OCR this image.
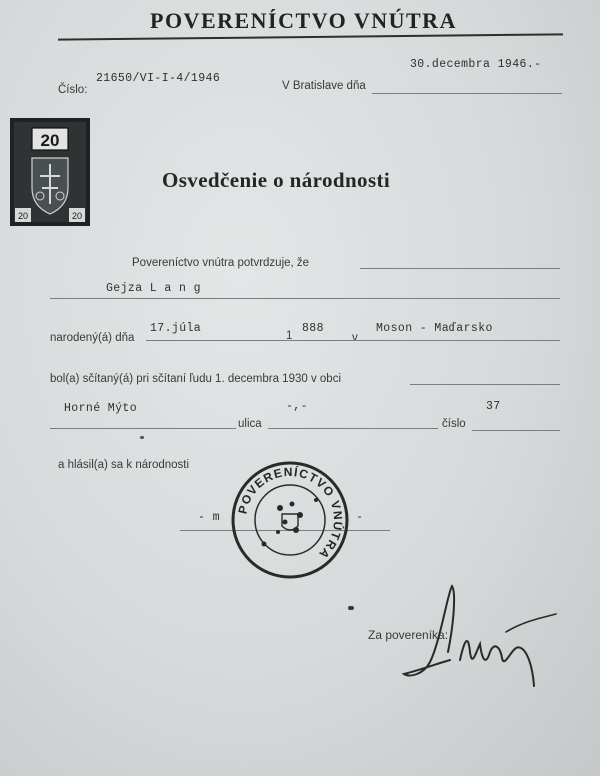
POVERENÍCTVO VNÚTRA
Číslo:
21650/VI-I-4/1946
V Bratislave dňa
30.decembra 1946.-
20
20	20
Osvedčenie o národnosti
Povereníctvo vnútra potvrdzuje, že
Gejza L a n g
narodený(á) dňa
17.júla
1
888
v
Moson - Maďarsko
bol(a) sčítaný(á) pri sčítaní ľudu 1. decembra 1930 v obci
Horné Mýto
ulica
-,-
číslo
37
a hlásil(a) sa k národnosti
- m	-
POVERENÍCTVO VNÚTRA
Za povereníka:
